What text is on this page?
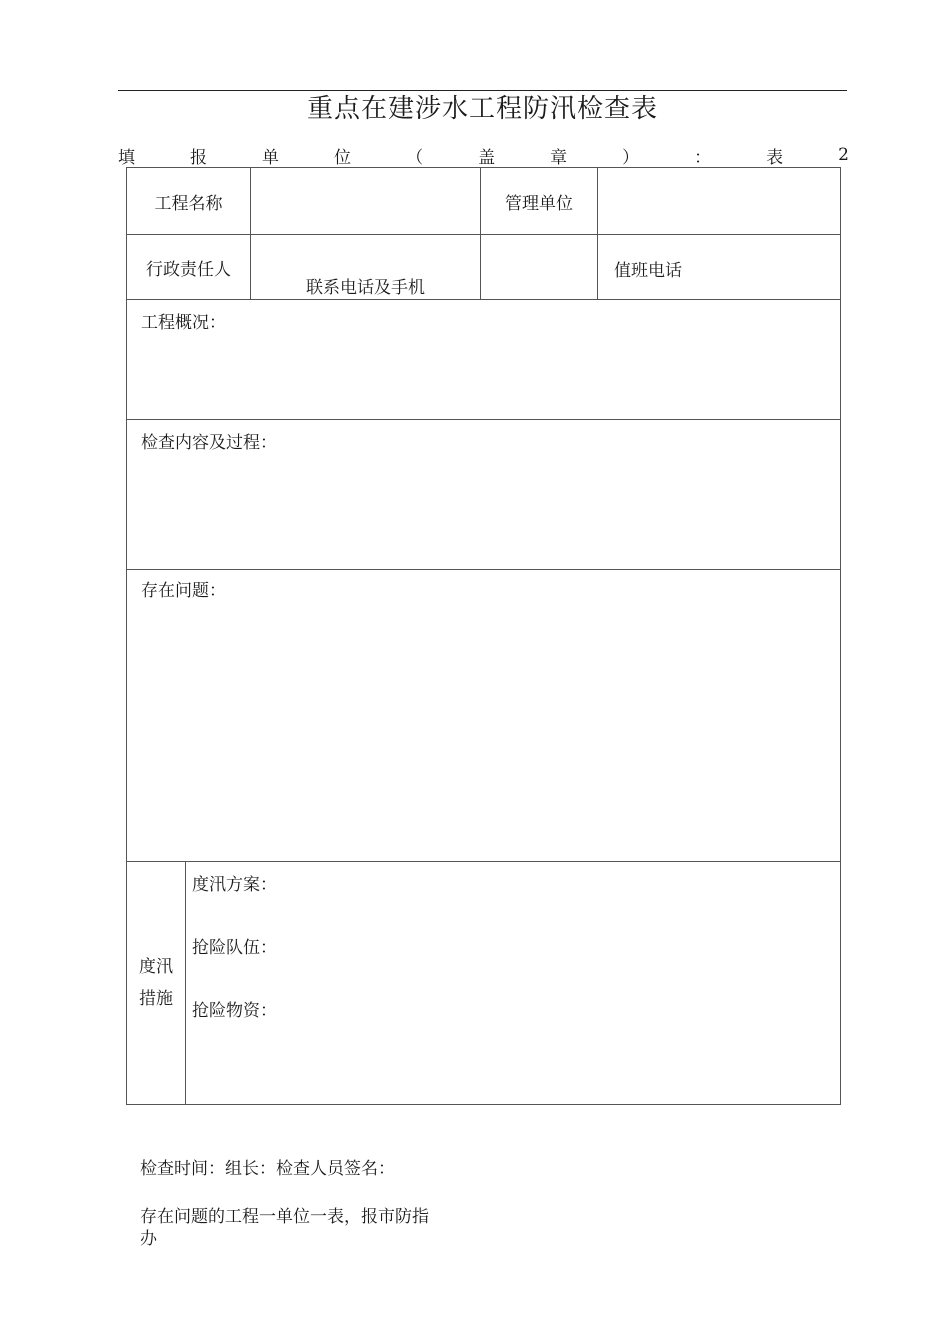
重点在建涉水工程防汛检查表
填	报	单	位	（	盖	章	）	：	表	2
工程名称			管理单位	

行政责任人		联系电话及手机		值班电话

工程概况：				

检查内容及过程：				

存在问题：				

度汛
措施	度汛方案：
抢险队伍：
抢险物资：			
检查时间：组长：检查人员签名：
存在问题的工程一单位一表，报市防指
办
